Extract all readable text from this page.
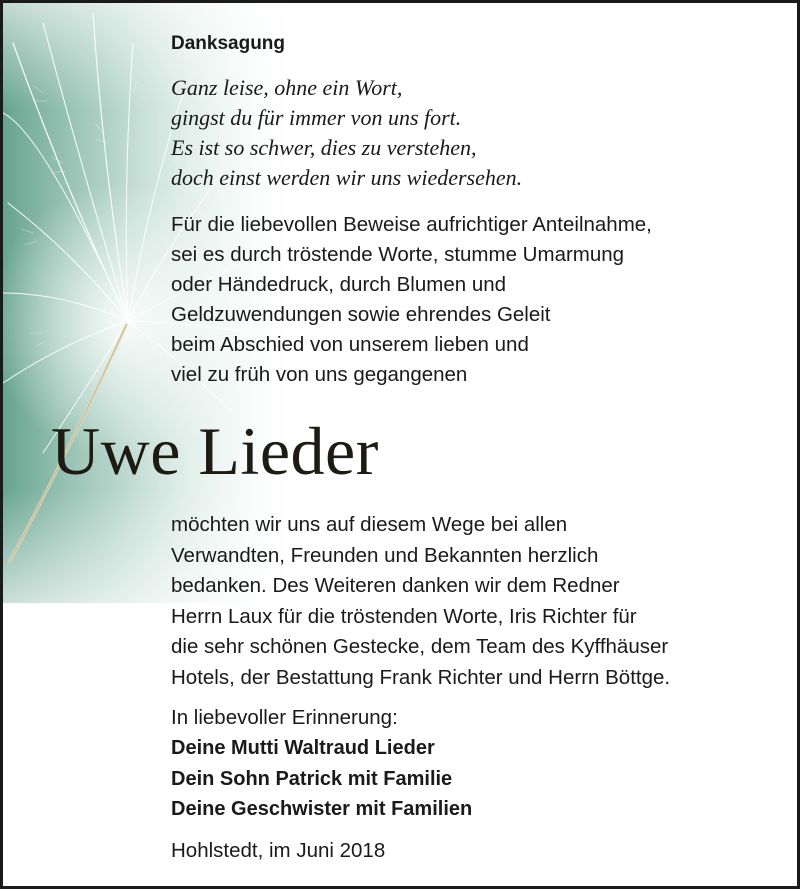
Danksagung
Ganz leise, ohne ein Wort,
gingst du für immer von uns fort.
Es ist so schwer, dies zu verstehen,
doch einst werden wir uns wiedersehen.
Für die liebevollen Beweise aufrichtiger Anteilnahme,
sei es durch tröstende Worte, stumme Umarmung
oder Händedruck, durch Blumen und
Geldzuwendungen sowie ehrendes Geleit
beim Abschied von unserem lieben und
viel zu früh von uns gegangenen
möchten wir uns auf diesem Wege bei allen
Verwandten, Freunden und Bekannten herzlich
bedanken. Des Weiteren danken wir dem Redner
Herrn Laux für die tröstenden Worte, Iris Richter für
die sehr schönen Gestecke, dem Team des Kyffhäuser
Hotels, der Bestattung Frank Richter und Herrn Böttge.
In liebevoller Erinnerung:
Deine Mutti Waltraud Lieder
Dein Sohn Patrick mit Familie
Deine Geschwister mit Familien
Hohlstedt, im Juni 2018
Uwe Lieder
